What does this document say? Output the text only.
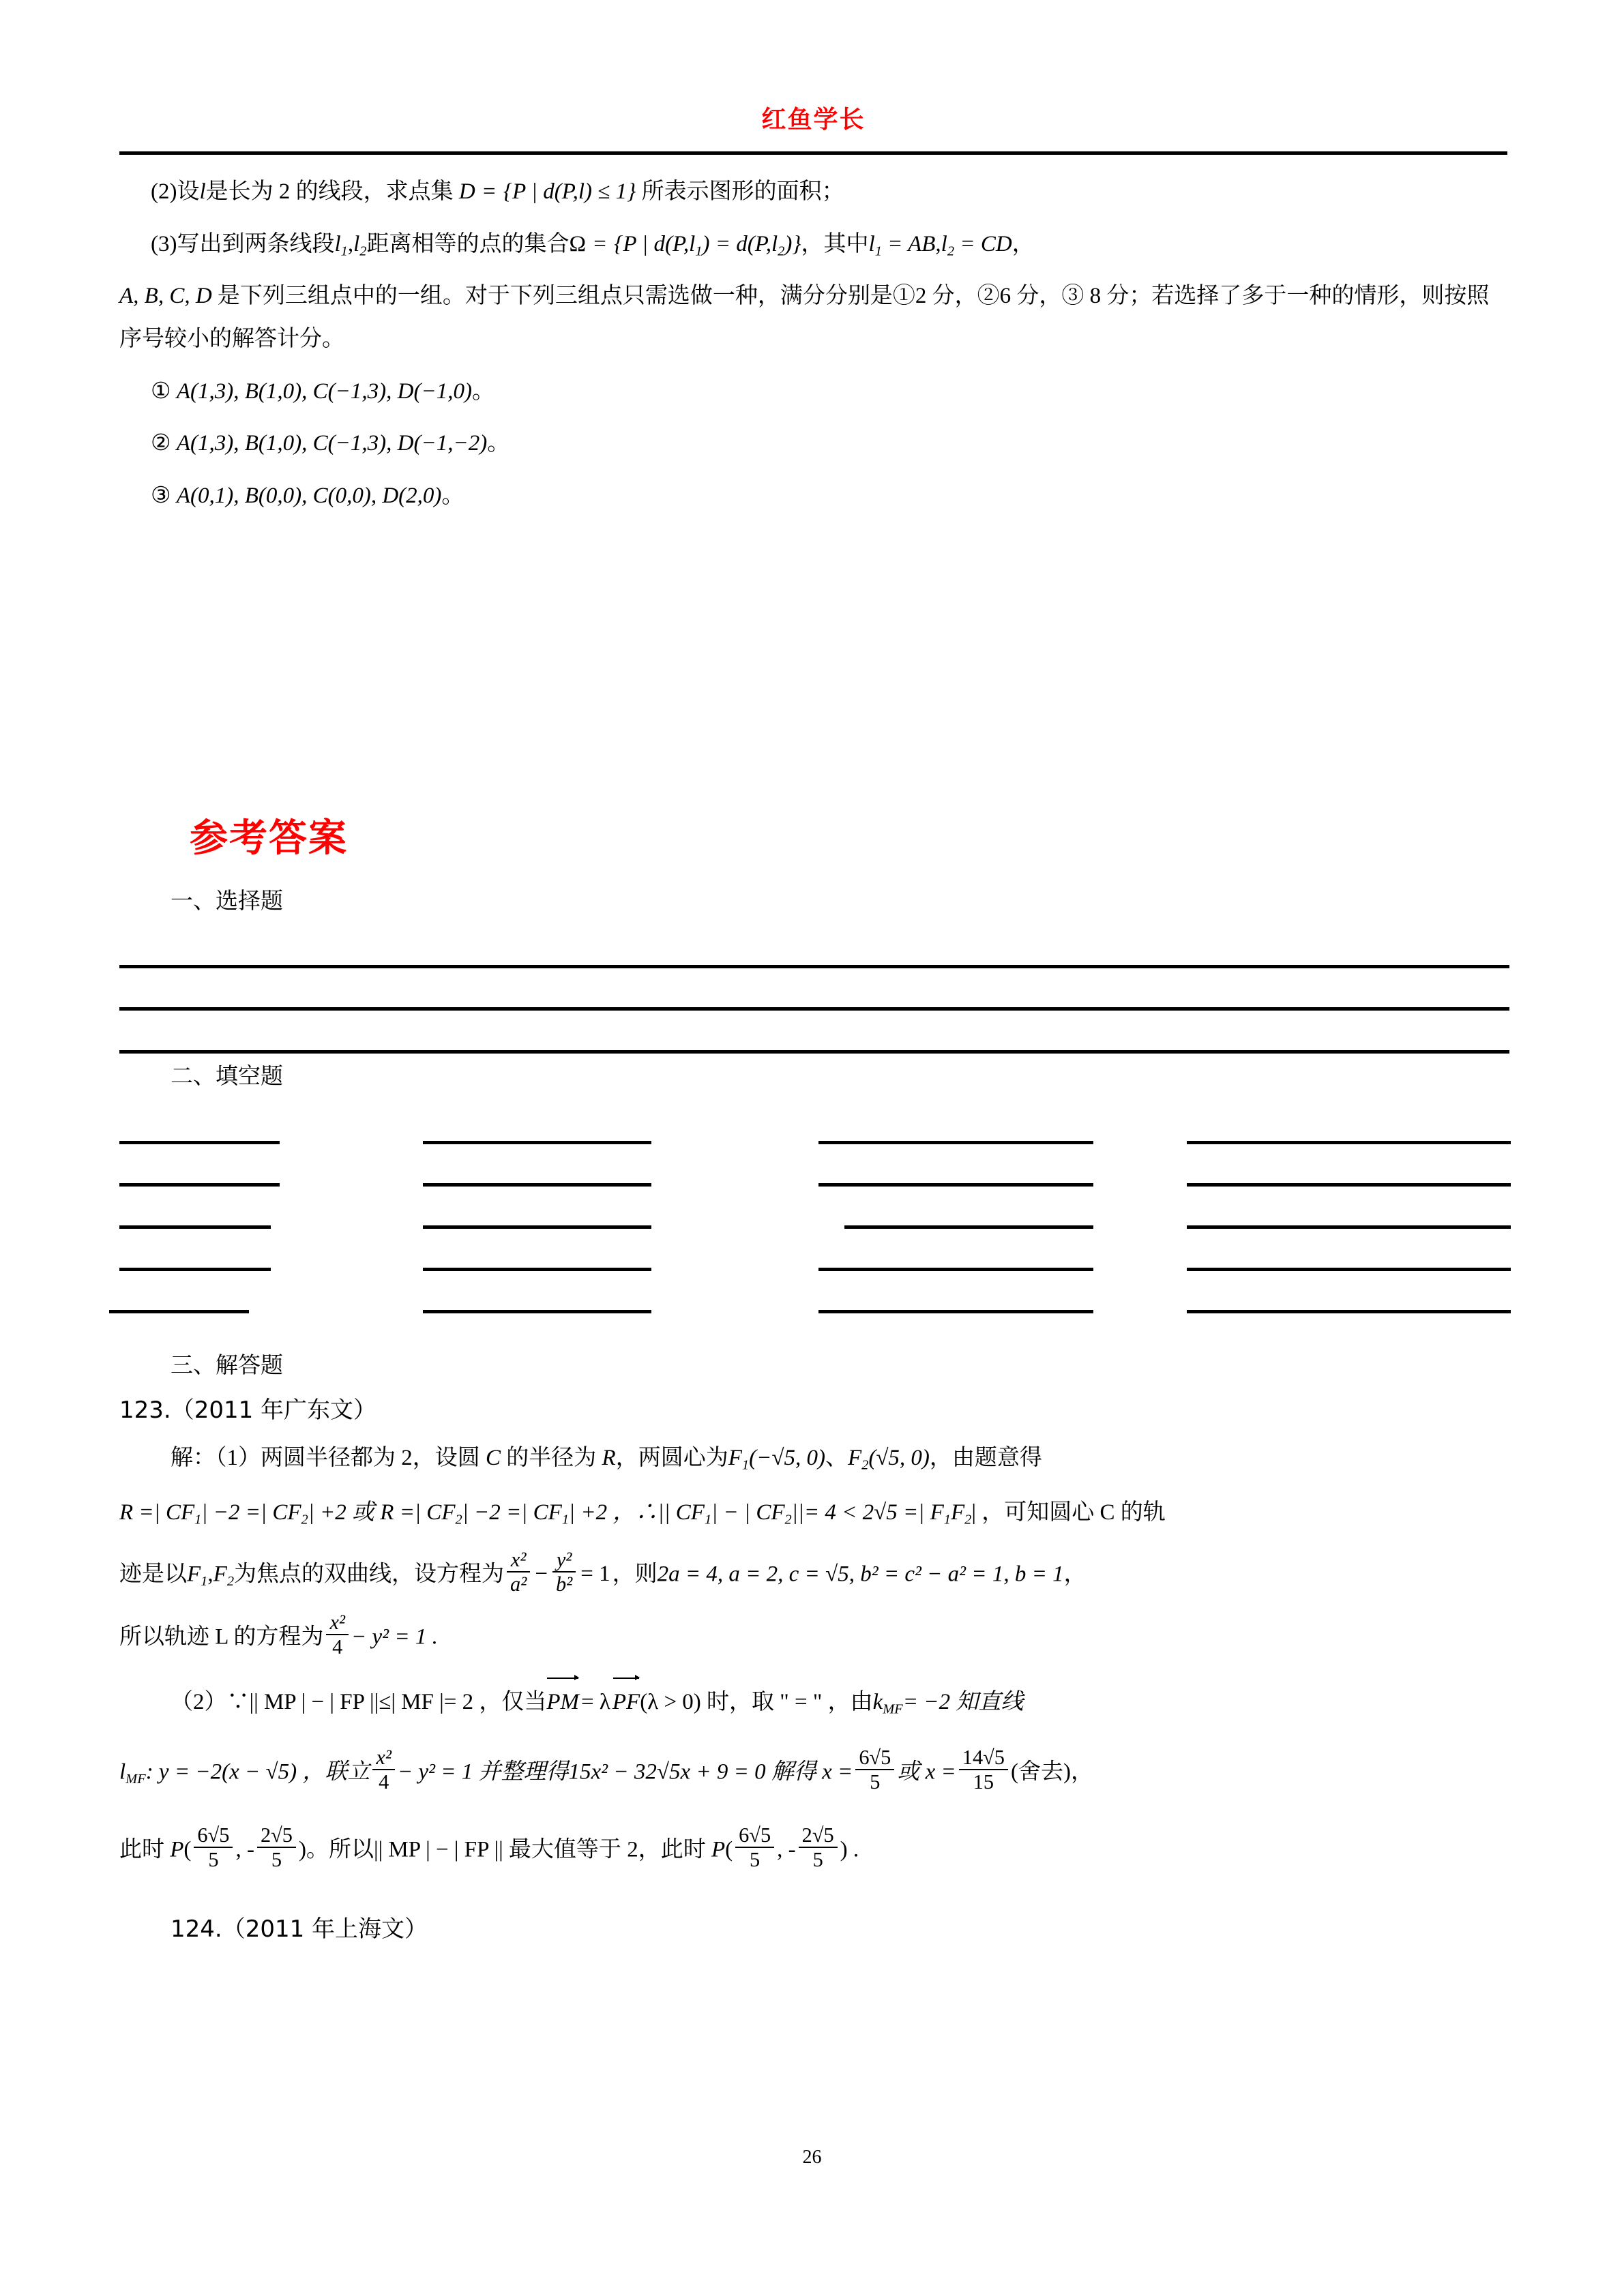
红鱼学长

(2)设l是长为 2 的线段，求点集 D = {P | d(P,l) ≤ 1} 所表示图形的面积；

(3)写出到两条线段$l_1,l_2$距离相等的点的集合Ω = {P | $d(P,l_1) = d(P,l_2)$}，其中$l_1 = AB,l_2$ = CD，

A, B, C, D 是下列三组点中的一组。对于下列三组点只需选做一种，满分分别是①2 分，②6 分，③ 8 分；若选择了多于一种的情形，则按照序号较小的解答计分。

① A(1,3), B(1,0), C(−1,3), D(−1,0)。

② A(1,3), B(1,0), C(−1,3), D(−1,−2)。

③ A(0,1), B(0,0), C(0,0), D(2,0)。

参考答案
一、选择题
二、填空题

三、解答题

123.（2011 年广东文）

解：（1）两圆半径都为 2，设圆 C 的半径为 R，两圆心为$F_1(-√5$, 0)、$F_2(√5$, 0)，由题意得

R =| $CF_1| -2$ =| $CF_2| +2$ 或 R =| $CF_2| -2$ =| $CF_1| +2$ ，∴|| $CF_1|$ − | $CF_2||= 4 < 2√5$ =| $F_1F_2|$ ，可知圆心 C 的轨

迹是以$F_1,F_2$为焦点的双曲线，设方程为 $\frac{\text{x²}}{\text{a²}} - \frac{\text{y²}}{\text{b²}} = 1$，则2a = 4, a = 2, c = √5, b² = c² − a² = 1, b = 1，

所以轨迹 L 的方程为 $\frac{\text{x²}}{4} - y^2 = 1$ .

（2）∵|| MP | − | FP ||≤| MF |= 2 ，仅当PM= λPF(λ > 0) 时，取 " = " ，由$k_{MF}= -2$ 知直线

$l_{MF}$: y = −2(x − √5) ，联立 $\frac{\text{x²}}{4} - y^2 = 1$ 并整理得15x² − 32√5x + 9 = 0 解得 $x = \frac{6√5}{5}$ 或 $x = \frac{14√5}{15}$ (舍去)，

此时 $P( \frac{6√5}{5}$ , - $\frac{2√5}{5}$ )。所以|| MP | − | FP || 最大值等于 2，此时 $P( \frac{6√5}{5}$ , - $\frac{2√5}{5}$ ) .

124.（2011 年上海文）

26
